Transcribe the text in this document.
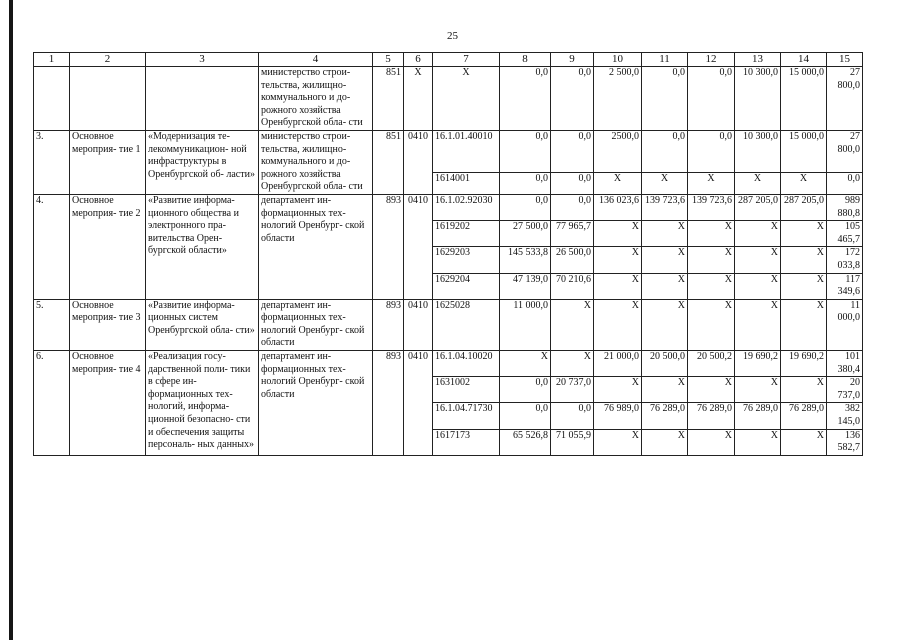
25
1	2	3	4	5	6	7	8	9	10	11	12	13	14	15
			министерство строи- тельства, жилищно- коммунального и до- рожного хозяйства Оренбургской обла- сти	851	Х	Х	0,0	0,0	2 500,0	0,0	0,0	10 300,0	15 000,0	27 800,0
3.	Основное мероприя- тие 1	«Модернизация те- лекоммуникацион- ной инфраструктуры в Оренбургской об- ласти»	министерство строи- тельства, жилищно- коммунального и до- рожного хозяйства Оренбургской обла- сти	851	0410	16.1.01.40010	0,0	0,0	2500,0	0,0	0,0	10 300,0	15 000,0	27 800,0
						1614001	0,0	0,0	Х	Х	Х	Х	Х	0,0
4.	Основное мероприя- тие 2	«Развитие информа- ционного общества и электронного пра- вительства Орен- бургской области»	департамент ин- формационных тех- нологий Оренбург- ской области	893	0410	16.1.02.92030	0,0	0,0	136 023,6	139 723,6	139 723,6	287 205,0	287 205,0	989 880,8
						1619202	27 500,0	77 965,7	Х	Х	Х	Х	Х	105 465,7
						1629203	145 533,8	26 500,0	Х	Х	Х	Х	Х	172 033,8
						1629204	47 139,0	70 210,6	Х	Х	Х	Х	Х	117 349,6
5.	Основное мероприя- тие 3	«Развитие информа- ционных систем Оренбургской обла- сти»	департамент ин- формационных тех- нологий Оренбург- ской области	893	0410	1625028	11 000,0	Х	Х	Х	Х	Х	Х	11 000,0
6.	Основное мероприя- тие 4	«Реализация госу- дарственной поли- тики в сфере ин- формационных тех- нологий, информа- ционной безопасно- сти и обеспечения защиты персональ- ных данных»	департамент ин- формационных тех- нологий Оренбург- ской области	893	0410	16.1.04.10020	Х	Х	21 000,0	20 500,0	20 500,2	19 690,2	19 690,2	101 380,4
						1631002	0,0	20 737,0	Х	Х	Х	Х	Х	20 737,0
						16.1.04.71730	0,0	0,0	76 989,0	76 289,0	76 289,0	76 289,0	76 289,0	382 145,0
						1617173	65 526,8	71 055,9	Х	Х	Х	Х	Х	136 582,7
